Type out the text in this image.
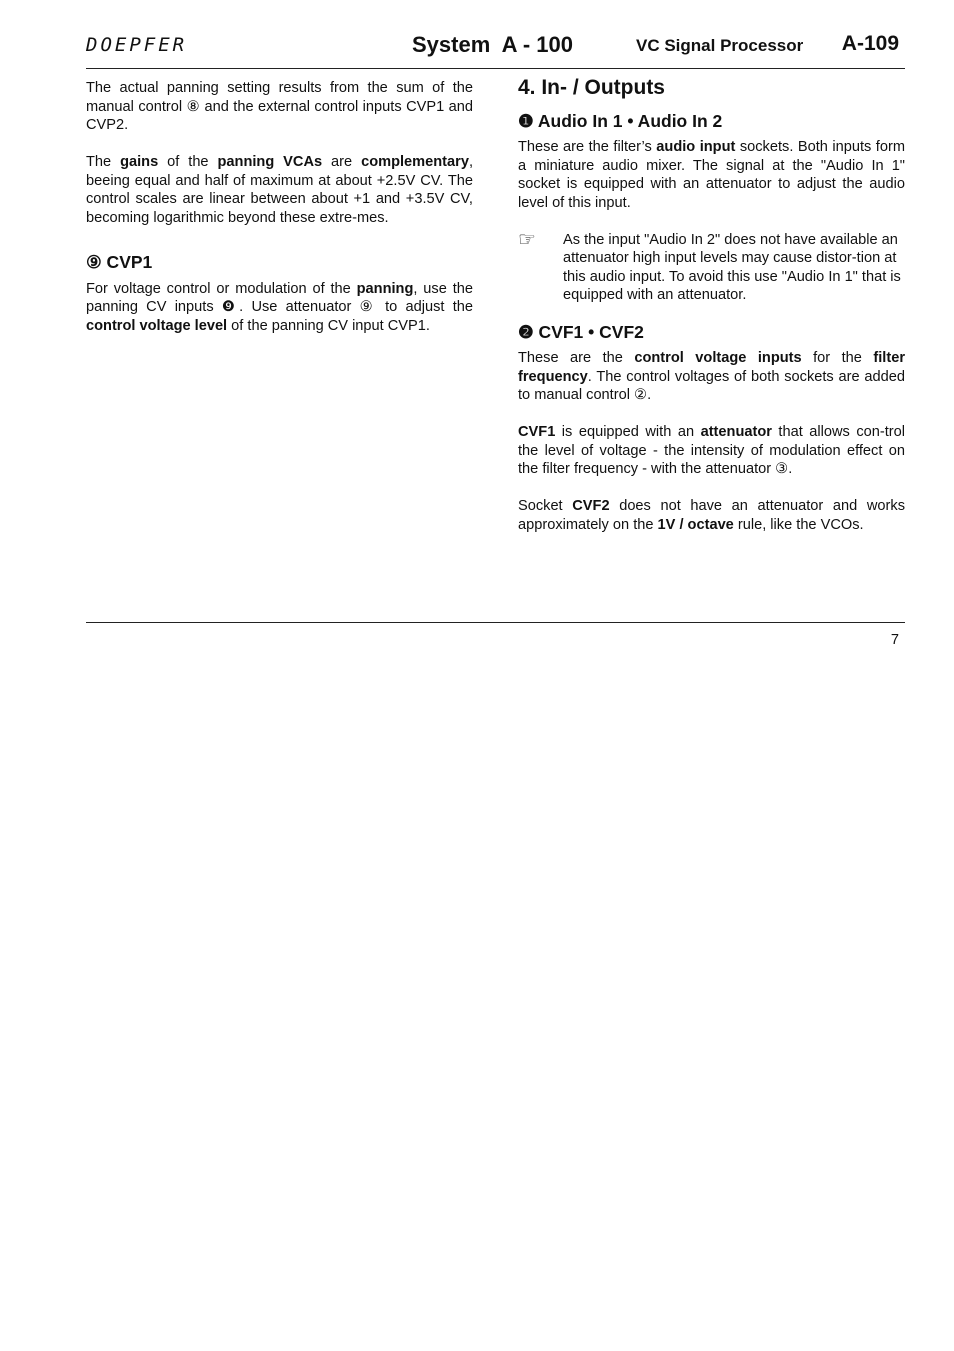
DOEPFER	System  A - 100	VC Signal Processor A-109

The actual panning setting results from the sum of the manual control ⑧ and the external control inputs CVP1 and CVP2.

The gains of the panning VCAs are complementary, beeing equal and half of maximum at about +2.5V CV. The control scales are linear between about +1 and +3.5V CV, becoming logarithmic beyond these extre-mes.

⑨ CVP1

For voltage control or modulation of the panning, use the panning CV inputs ❾. Use attenuator ⑨ to adjust the control voltage level of the panning CV input CVP1.

4. In- / Outputs
❶ Audio In 1 • Audio In 2

These are the filter’s audio input sockets. Both inputs form a miniature audio mixer. The signal at the "Audio In 1" socket is equipped with an attenuator to adjust the audio level of this input.

☞	As the input "Audio In 2" does not have available an attenuator high input levels may cause distor-tion at this audio input. To avoid this use "Audio In 1" that is equipped with an attenuator.

❷ CVF1 • CVF2

These are the control voltage inputs for the filter frequency. The control voltages of both sockets are added to manual control ②.

CVF1 is equipped with an attenuator that allows con-trol the level of voltage - the intensity of modulation effect on the filter frequency - with the attenuator ③.

Socket CVF2 does not have an attenuator and works approximately on the 1V / octave rule, like the VCOs.

7
